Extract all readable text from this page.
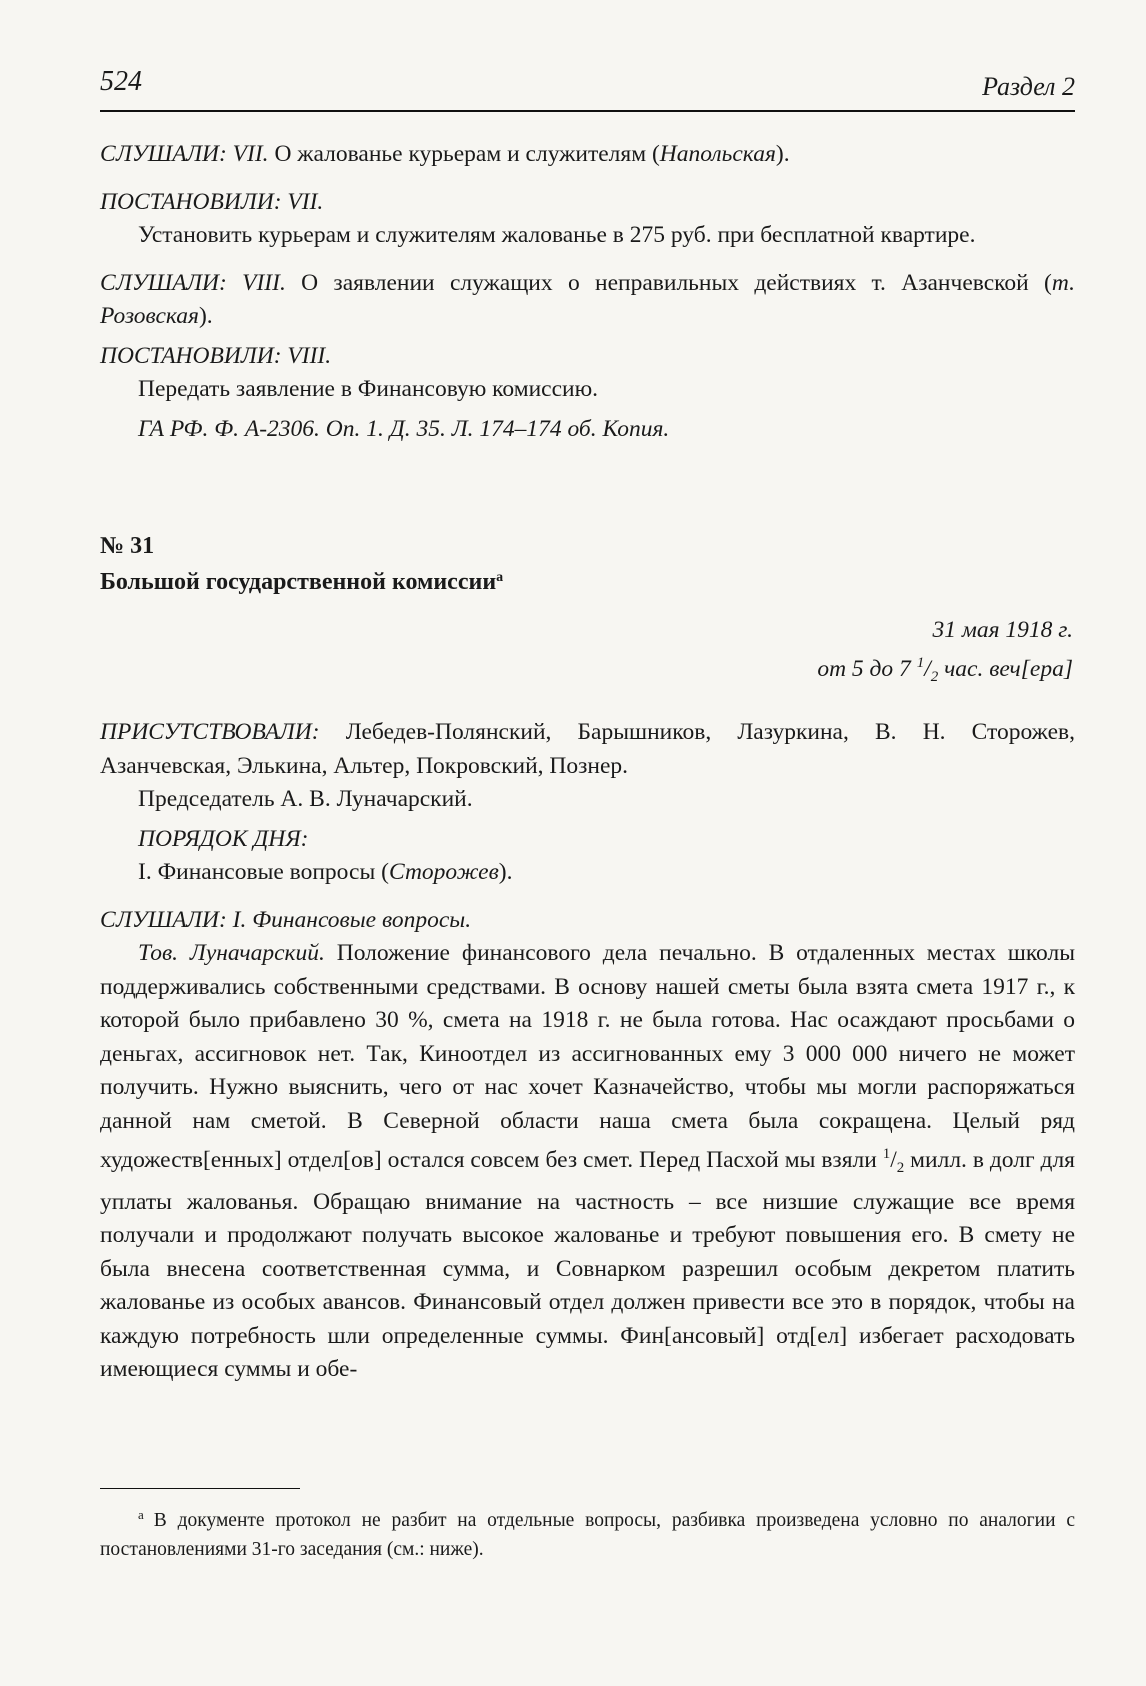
524	Раздел 2

СЛУШАЛИ: VII. О жалованье курьерам и служителям (Напольская).

ПОСТАНОВИЛИ: VII.

Установить курьерам и служителям жалованье в 275 руб. при бесплатной квартире.

СЛУШАЛИ: VIII. О заявлении служащих о неправильных действиях т. Азанчевской (т. Розовская).

ПОСТАНОВИЛИ: VIII.

Передать заявление в Финансовую комиссию.

ГА РФ. Ф. А-2306. Оп. 1. Д. 35. Л. 174–174 об. Копия.

№ 31
Большой государственной комиссии$^а$
31 мая 1918 г.
от 5 до 7 $^1/_2$ час. веч[ера]

ПРИСУТСТВОВАЛИ: Лебедев-Полянский, Барышников, Лазуркина, В. Н. Сторожев, Азанчевская, Элькина, Альтер, Покровский, Познер.

Председатель А. В. Луначарский.

ПОРЯДОК ДНЯ:

I. Финансовые вопросы (Сторожев).

СЛУШАЛИ: I. Финансовые вопросы.

Тов. Луначарский. Положение финансового дела печально. В отдаленных местах школы поддерживались собственными средствами. В основу нашей сметы была взята смета 1917 г., к которой было прибавлено 30 %, смета на 1918 г. не была готова. Нас осаждают просьбами о деньгах, ассигновок нет. Так, Киноотдел из ассигнованных ему 3 000 000 ничего не может получить. Нужно выяснить, чего от нас хочет Казначейство, чтобы мы могли распоряжаться данной нам сметой. В Северной области наша смета была сокращена. Целый ряд художеств[енных] отдел[ов] остался совсем без смет. Перед Пасхой мы взяли $^1/_2$ милл. в долг для уплаты жалованья. Обращаю внимание на частность – все низшие служащие все время получали и продолжают получать высокое жалованье и требуют повышения его. В смету не была внесена соответственная сумма, и Совнарком разрешил особым декретом платить жалованье из особых авансов. Финансовый отдел должен привести все это в порядок, чтобы на каждую потребность шли определенные суммы. Фин[ансовый] отд[ел] избегает расходовать имеющиеся суммы и обе-

$^а$ В документе протокол не разбит на отдельные вопросы, разбивка произведена условно по аналогии с постановлениями 31-го заседания (см.: ниже).
